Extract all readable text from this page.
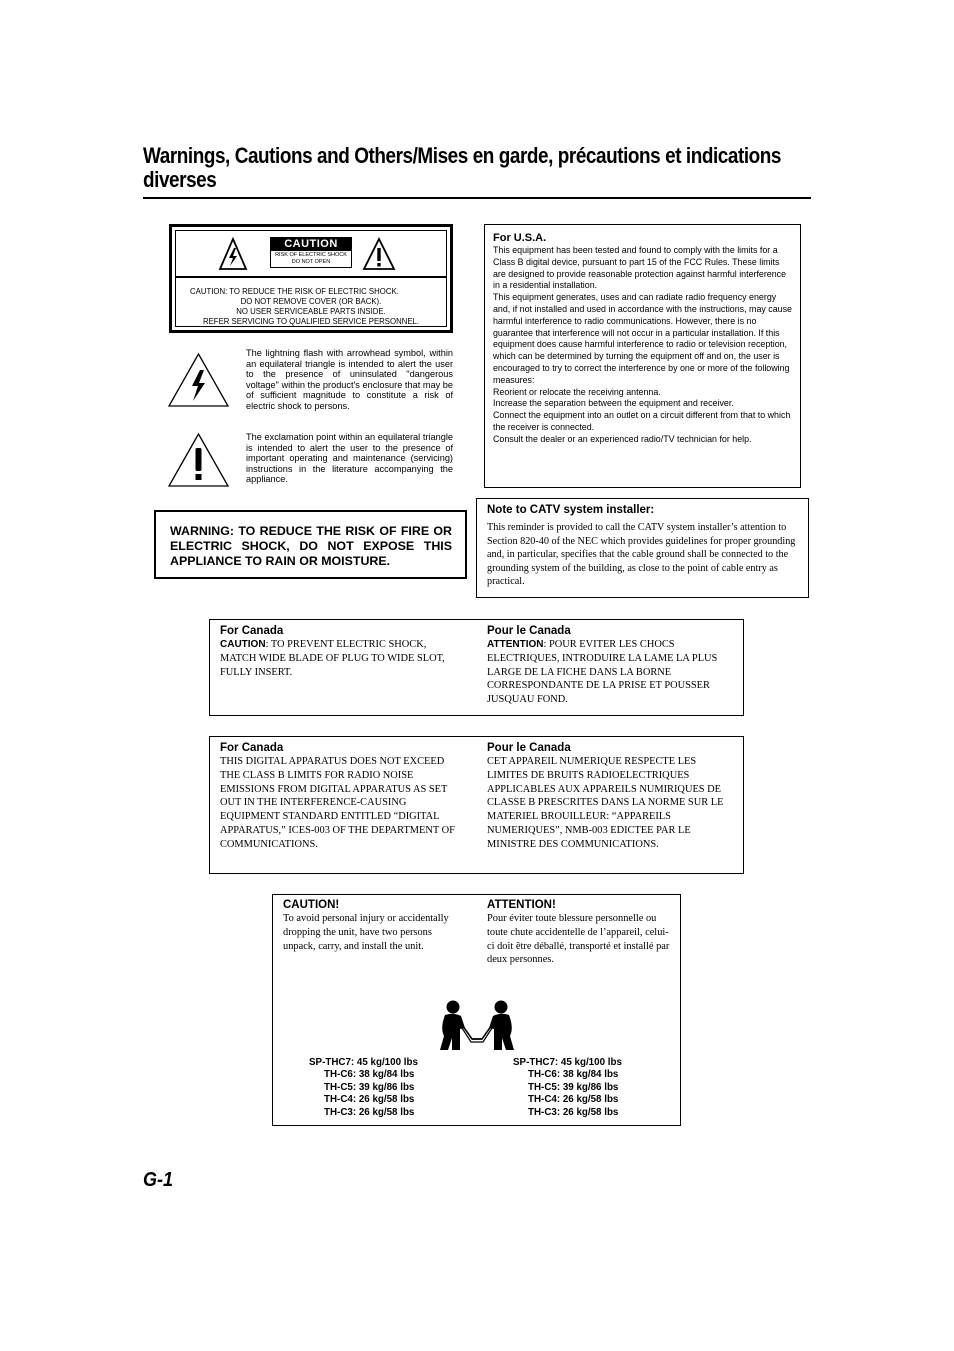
Warnings, Cautions and Others/Mises en garde, précautions et indications diverses
CAUTION
RISK OF ELECTRIC SHOCK
DO NOT OPEN
CAUTION: TO REDUCE THE RISK OF ELECTRIC SHOCK.
DO NOT REMOVE COVER (OR BACK).
NO USER SERVICEABLE PARTS INSIDE.
REFER SERVICING TO QUALIFIED SERVICE PERSONNEL.
The lightning flash with arrowhead symbol, within an equilateral triangle is intended to alert the user to the presence of uninsulated "dangerous voltage" within the product's enclosure that may be of sufficient magnitude to constitute a risk of electric shock to persons.
The exclamation point within an equilateral triangle is intended to alert the user to the presence of important operating and maintenance (servicing) instructions in the literature accompanying the appliance.
WARNING: TO REDUCE THE RISK OF FIRE OR ELECTRIC SHOCK, DO NOT EXPOSE THIS APPLIANCE TO RAIN OR MOISTURE.
For U.S.A.
This equipment has been tested and found to comply with the limits for a Class B digital device, pursuant to part 15 of the FCC Rules. These limits are designed to provide reasonable protection against harmful interference in a residential installation.
This equipment generates, uses and can radiate radio frequency energy and, if not installed and used in accordance with the instructions, may cause harmful interference to radio communications. However, there is no guarantee that interference will not occur in a particular installation. If this equipment does cause harmful interference to radio or television reception, which can be determined by turning the equipment off and on, the user is encouraged to try to correct the interference by one or more of the following measures:
Reorient or relocate the receiving antenna.
Increase the separation between the equipment and receiver.
Connect the equipment into an outlet on a circuit different from that to which the receiver is connected.
Consult the dealer or an experienced radio/TV technician for help.
Note to CATV system installer:
This reminder is provided to call the CATV system installer’s attention to Section 820-40 of the NEC which provides guidelines for proper grounding and, in particular, specifies that the cable ground shall be connected to the grounding system of the building, as close to the point of cable entry as practical.
For Canada
CAUTION: TO PREVENT ELECTRIC SHOCK, MATCH WIDE BLADE OF PLUG TO WIDE SLOT, FULLY INSERT.
Pour le Canada
ATTENTION: POUR EVITER LES CHOCS ELECTRIQUES, INTRODUIRE LA LAME LA PLUS LARGE DE LA FICHE DANS LA BORNE CORRESPONDANTE DE LA PRISE ET POUSSER JUSQUAU FOND.
For Canada
THIS DIGITAL APPARATUS DOES NOT EXCEED THE CLASS B LIMITS FOR RADIO NOISE EMISSIONS FROM DIGITAL APPARATUS AS SET OUT IN THE INTERFERENCE-CAUSING EQUIPMENT STANDARD ENTITLED “DIGITAL APPARATUS,” ICES-003 OF THE DEPARTMENT OF COMMUNICATIONS.
Pour le Canada
CET APPAREIL NUMERIQUE RESPECTE LES LIMITES DE BRUITS RADIOELECTRIQUES APPLICABLES AUX APPAREILS NUMIRIQUES DE CLASSE B PRESCRITES DANS LA NORME SUR LE MATERIEL BROUILLEUR: “APPAREILS NUMERIQUES”, NMB-003 EDICTEE PAR LE MINISTRE DES COMMUNICATIONS.
CAUTION!
To avoid personal injury or accidentally dropping the unit, have two persons unpack, carry, and install the unit.
ATTENTION!
Pour éviter toute blessure personnelle ou toute chute accidentelle de l’appareil, celui-ci doit être déballé, transporté et installé par deux personnes.
SP-THC7: 45 kg/100 lbs
TH-C6: 38 kg/84 lbs
TH-C5: 39 kg/86 lbs
TH-C4: 26 kg/58 lbs
TH-C3: 26 kg/58 lbs
SP-THC7: 45 kg/100 lbs
TH-C6: 38 kg/84 lbs
TH-C5: 39 kg/86 lbs
TH-C4: 26 kg/58 lbs
TH-C3: 26 kg/58 lbs
G-1
